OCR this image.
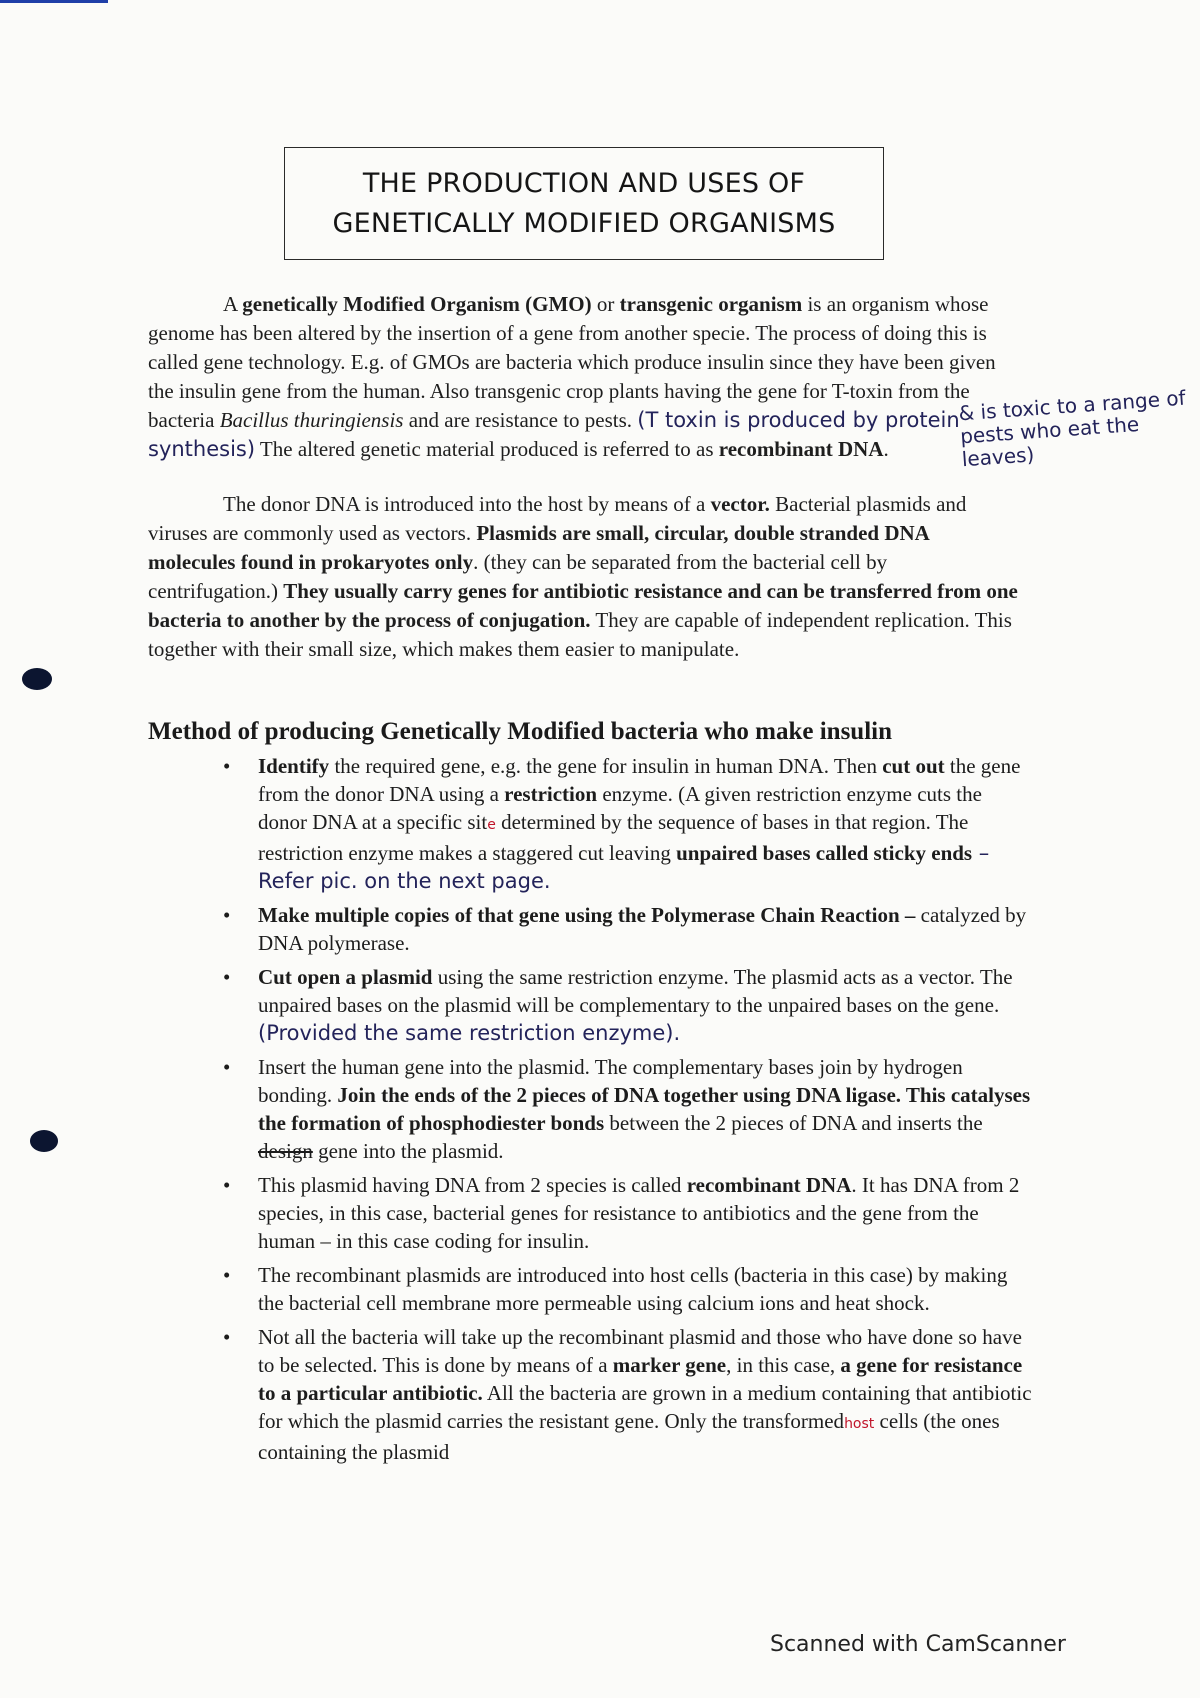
THE PRODUCTION AND USES OF
GENETICALLY MODIFIED ORGANISMS
A genetically Modified Organism (GMO) or transgenic organism is an organism whose genome has been altered by the insertion of a gene from another specie. The process of doing this is called gene technology. E.g. of GMOs are bacteria which produce insulin since they have been given the insulin gene from the human. Also transgenic crop plants having the gene for T-toxin from the bacteria Bacillus thuringiensis and are resistance to pests. (T toxin is produced by protein synthesis) The altered genetic material produced is referred to as recombinant DNA.
& is toxic to a range of pests who eat the leaves)
The donor DNA is introduced into the host by means of a vector. Bacterial plasmids and viruses are commonly used as vectors. Plasmids are small, circular, double stranded DNA molecules found in prokaryotes only. (they can be separated from the bacterial cell by centrifugation.) They usually carry genes for antibiotic resistance and can be transferred from one bacteria to another by the process of conjugation. They are capable of independent replication. This together with their small size, which makes them easier to manipulate.
Method of producing Genetically Modified bacteria who make insulin
• Identify the required gene, e.g. the gene for insulin in human DNA. Then cut out the gene from the donor DNA using a restriction enzyme. (A given restriction enzyme cuts the donor DNA at a specific site determined by the sequence of bases in that region. The restriction enzyme makes a staggered cut leaving unpaired bases called sticky ends – Refer pic. on the next page.
• Make multiple copies of that gene using the Polymerase Chain Reaction – catalyzed by DNA polymerase.
• Cut open a plasmid using the same restriction enzyme. The plasmid acts as a vector. The unpaired bases on the plasmid will be complementary to the unpaired bases on the gene. (Provided the same restriction enzyme).
• Insert the human gene into the plasmid. The complementary bases join by hydrogen bonding. Join the ends of the 2 pieces of DNA together using DNA ligase. This catalyses the formation of phosphodiester bonds between the 2 pieces of DNA and inserts the design gene into the plasmid.
• This plasmid having DNA from 2 species is called recombinant DNA. It has DNA from 2 species, in this case, bacterial genes for resistance to antibiotics and the gene from the human – in this case coding for insulin.
• The recombinant plasmids are introduced into host cells (bacteria in this case) by making the bacterial cell membrane more permeable using calcium ions and heat shock.
• Not all the bacteria will take up the recombinant plasmid and those who have done so have to be selected. This is done by means of a marker gene, in this case, a gene for resistance to a particular antibiotic. All the bacteria are grown in a medium containing that antibiotic for which the plasmid carries the resistant gene. Only the transformedhost cells (the ones containing the plasmid
Scanned with CamScanner
